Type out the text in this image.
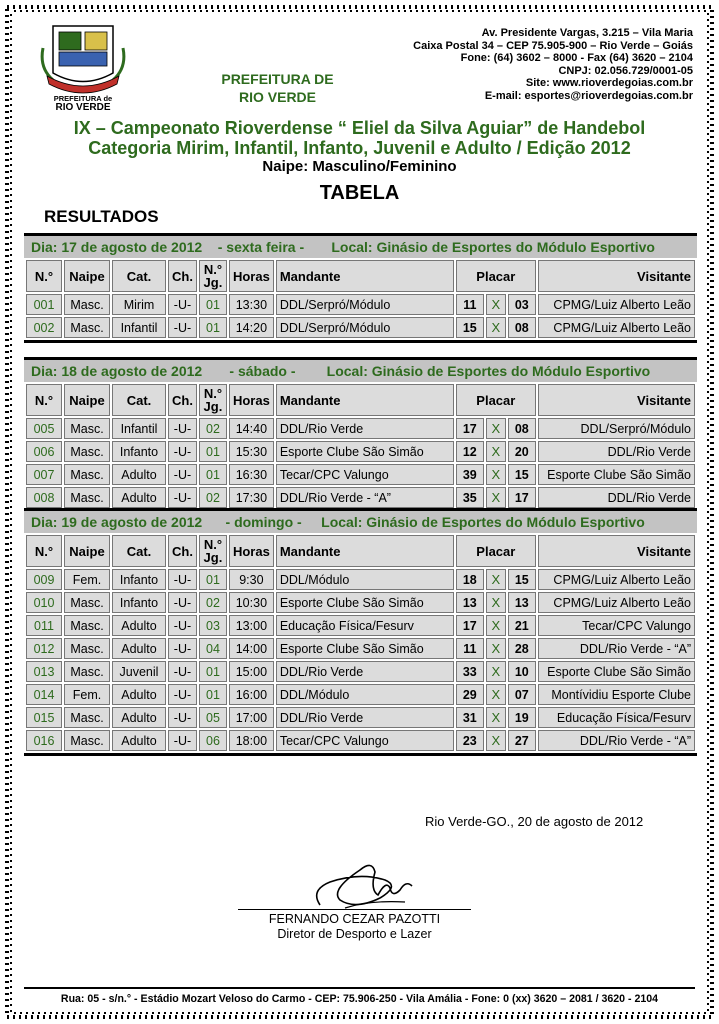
PREFEITURA de
RIO VERDE
PREFEITURA DE
RIO VERDE
Av. Presidente Vargas, 3.215 – Vila Maria
Caixa Postal 34 – CEP 75.905-900 – Rio Verde – Goiás
Fone: (64) 3602 – 8000 - Fax (64) 3620 – 2104
CNPJ: 02.056.729/0001-05
Site: www.rioverdegoias.com.br
E-mail: esportes@rioverdegoias.com.br
IX – Campeonato Rioverdense “ Eliel da Silva Aguiar” de Handebol
Categoria Mirim, Infantil, Infanto, Juvenil e Adulto / Edição 2012
Naipe: Masculino/Feminino
TABELA
RESULTADOS
Dia: 17 de agosto de 2012    - sexta feira -       Local: Ginásio de Esportes do Módulo Esportivo
N.°	Naipe	Cat.	Ch.	N.° Jg.	Horas	Mandante	Placar			Visitante
001	Masc.	Mirim	-U-	01	13:30	DDL/Serpró/Módulo	11	X	03	CPMG/Luiz Alberto Leão
002	Masc.	Infantil	-U-	01	14:20	DDL/Serpró/Módulo	15	X	08	CPMG/Luiz Alberto Leão
Dia: 18 de agosto de 2012       - sábado -        Local: Ginásio de Esportes do Módulo Esportivo
N.°	Naipe	Cat.	Ch.	N.° Jg.	Horas	Mandante	Placar			Visitante
005	Masc.	Infantil	-U-	02	14:40	DDL/Rio Verde	17	X	08	DDL/Serpró/Módulo
006	Masc.	Infanto	-U-	01	15:30	Esporte Clube São Simão	12	X	20	DDL/Rio Verde
007	Masc.	Adulto	-U-	01	16:30	Tecar/CPC Valungo	39	X	15	Esporte Clube São Simão
008	Masc.	Adulto	-U-	02	17:30	DDL/Rio Verde - “A”	35	X	17	DDL/Rio Verde
Dia: 19 de agosto de 2012      - domingo -     Local: Ginásio de Esportes do Módulo Esportivo
N.°	Naipe	Cat.	Ch.	N.° Jg.	Horas	Mandante	Placar			Visitante
009	Fem.	Infanto	-U-	01	9:30	DDL/Módulo	18	X	15	CPMG/Luiz Alberto Leão
010	Masc.	Infanto	-U-	02	10:30	Esporte Clube São Simão	13	X	13	CPMG/Luiz Alberto Leão
011	Masc.	Adulto	-U-	03	13:00	Educação Física/Fesurv	17	X	21	Tecar/CPC Valungo
012	Masc.	Adulto	-U-	04	14:00	Esporte Clube São Simão	11	X	28	DDL/Rio Verde - “A”
013	Masc.	Juvenil	-U-	01	15:00	DDL/Rio Verde	33	X	10	Esporte Clube São Simão
014	Fem.	Adulto	-U-	01	16:00	DDL/Módulo	29	X	07	Montívidiu Esporte Clube
015	Masc.	Adulto	-U-	05	17:00	DDL/Rio Verde	31	X	19	Educação Física/Fesurv
016	Masc.	Adulto	-U-	06	18:00	Tecar/CPC Valungo	23	X	27	DDL/Rio Verde - “A”
Rio Verde-GO., 20 de agosto de 2012
FERNANDO CEZAR PAZOTTI
Diretor de Desporto e Lazer
Rua: 05 - s/n.° - Estádio Mozart Veloso do Carmo - CEP: 75.906-250 - Vila Amália - Fone: 0 (xx) 3620 – 2081 / 3620 - 2104
